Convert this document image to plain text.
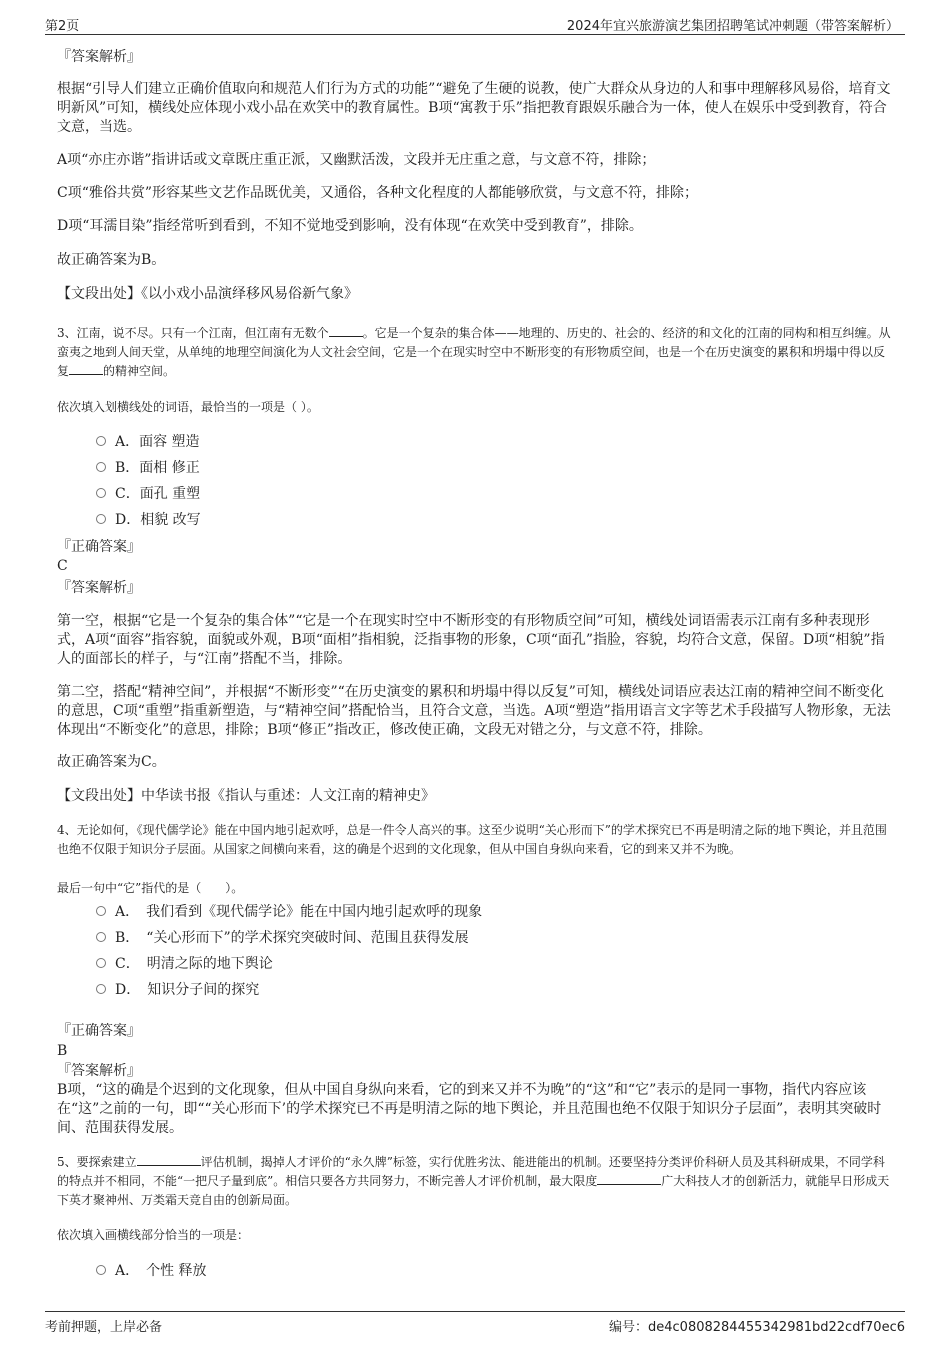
第2页	2024年宜兴旅游演艺集团招聘笔试冲刺题（带答案解析）

『答案解析』

根据“引导人们建立正确价值取向和规范人们行为方式的功能”“避免了生硬的说教，使广大群众从身边的人和事中理解移风易俗，培育文明新风”可知，横线处应体现小戏小品在欢笑中的教育属性。B项“寓教于乐”指把教育跟娱乐融合为一体，使人在娱乐中受到教育，符合文意，当选。

A项“亦庄亦谐”指讲话或文章既庄重正派，又幽默活泼，文段并无庄重之意，与文意不符，排除；

C项“雅俗共赏”形容某些文艺作品既优美，又通俗，各种文化程度的人都能够欣赏，与文意不符，排除；

D项“耳濡目染”指经常听到看到，不知不觉地受到影响，没有体现“在欢笑中受到教育”，排除。

故正确答案为B。

【文段出处】《以小戏小品演绎移风易俗新气象》

3、江南，说不尽。只有一个江南，但江南有无数个	。它是一个复杂的集合体——地理的、历史的、社会的、经济的和文化的江南的同构和相互纠缠。从蛮夷之地到人间天堂，从单纯的地理空间演化为人文社会空间，它是一个在现实时空中不断形变的有形物质空间，也是一个在历史演变的累积和坍塌中得以反复	的精神空间。

依次填入划横线处的词语，最恰当的一项是（ ）。

A．面容 塑造
B．面相 修正
C．面孔 重塑
D．相貌 改写

『正确答案』

C

『答案解析』

第一空，根据“它是一个复杂的集合体”“它是一个在现实时空中不断形变的有形物质空间”可知，横线处词语需表示江南有多种表现形式，A项“面容”指容貌，面貌或外观，B项“面相”指相貌，泛指事物的形象，C项“面孔”指脸，容貌，均符合文意，保留。D项“相貌”指人的面部长的样子，与“江南”搭配不当，排除。

第二空，搭配“精神空间”，并根据“不断形变”“在历史演变的累积和坍塌中得以反复”可知，横线处词语应表达江南的精神空间不断变化的意思，C项“重塑”指重新塑造，与“精神空间”搭配恰当，且符合文意，当选。A项“塑造”指用语言文字等艺术手段描写人物形象，无法体现出“不断变化”的意思，排除；B项“修正”指改正，修改使正确，文段无对错之分，与文意不符，排除。

故正确答案为C。

【文段出处】中华读书报《指认与重述：人文江南的精神史》

4、无论如何，《现代儒学论》能在中国内地引起欢呼，总是一件令人高兴的事。这至少说明“关心形而下”的学术探究已不再是明清之际的地下舆论，并且范围也绝不仅限于知识分子层面。从国家之间横向来看，这的确是个迟到的文化现象，但从中国自身纵向来看，它的到来又并不为晚。

最后一句中“它”指代的是（　　）。

A．　我们看到《现代儒学论》能在中国内地引起欢呼的现象
B．　“关心形而下”的学术探究突破时间、范围且获得发展
C．　明清之际的地下舆论
D．　知识分子间的探究

『正确答案』

B

『答案解析』

B项，“这的确是个迟到的文化现象，但从中国自身纵向来看，它的到来又并不为晚”的“这”和“它”表示的是同一事物，指代内容应该在“这”之前的一句，即““关心形而下’的学术探究已不再是明清之际的地下舆论，并且范围也绝不仅限于知识分子层面”，表明其突破时间、范围获得发展。

5、要探索建立	评估机制，揭掉人才评价的“永久牌”标签，实行优胜劣汰、能进能出的机制。还要坚持分类评价科研人员及其科研成果，不同学科的特点并不相同，不能“一把尺子量到底”。相信只要各方共同努力，不断完善人才评价机制，最大限度	广大科技人才的创新活力，就能早日形成天下英才聚神州、万类霜天竞自由的创新局面。

依次填入画横线部分恰当的一项是：

A．　个性 释放
考前押题，上岸必备	编号：de4c0808284455342981bd22cdf70ec6
